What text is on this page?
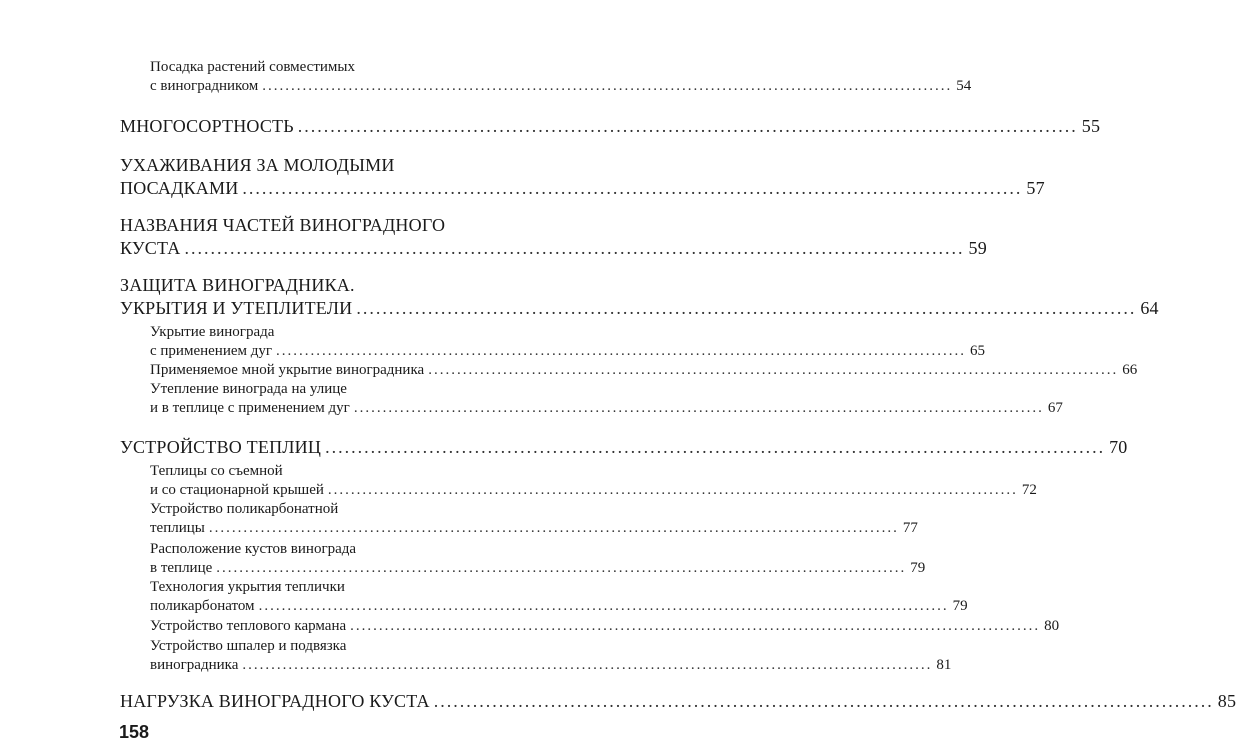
Посадка растений совместимых
с виноградником ........................................................................................................................ 54
МНОГОСОРТНОСТЬ ........................................................................................................................ 55
УХАЖИВАНИЯ ЗА МОЛОДЫМИ
ПОСАДКАМИ ........................................................................................................................ 57
НАЗВАНИЯ ЧАСТЕЙ ВИНОГРАДНОГО
КУСТА ........................................................................................................................ 59
ЗАЩИТА ВИНОГРАДНИКА.
УКРЫТИЯ И УТЕПЛИТЕЛИ ........................................................................................................................ 64
Укрытие винограда
с применением дуг ........................................................................................................................ 65
Применяемое мной укрытие виноградника ........................................................................................................................ 66
Утепление винограда на улице
и в теплице с применением дуг ........................................................................................................................ 67
УСТРОЙСТВО ТЕПЛИЦ ........................................................................................................................ 70
Теплицы со съемной
и со стационарной крышей ........................................................................................................................ 72
Устройство поликарбонатной
теплицы ........................................................................................................................ 77
Расположение кустов винограда
в теплице ........................................................................................................................ 79
Технология укрытия теплички
поликарбонатом ........................................................................................................................ 79
Устройство теплового кармана ........................................................................................................................ 80
Устройство шпалер и подвязка
виноградника ........................................................................................................................ 81
НАГРУЗКА ВИНОГРАДНОГО КУСТА ........................................................................................................................ 85
158
